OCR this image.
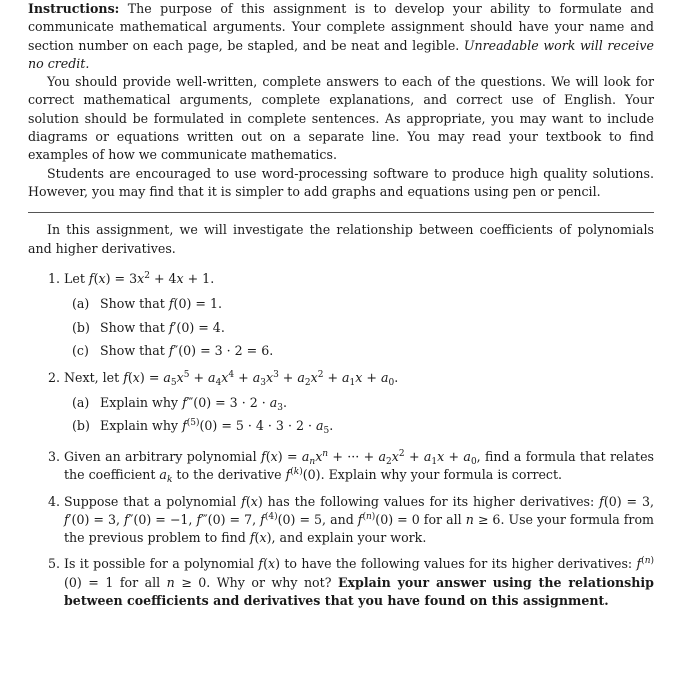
Instructions: The purpose of this assignment is to develop your ability to formulate and communicate mathematical arguments. Your complete assignment should have your name and section number on each page, be stapled, and be neat and legible. Unreadable work will receive no credit.

You should provide well-written, complete answers to each of the questions. We will look for correct mathematical arguments, complete explanations, and correct use of English. Your solution should be formulated in complete sentences. As appropriate, you may want to include diagrams or equations written out on a separate line. You may read your textbook to find examples of how we communicate mathematics.

Students are encouraged to use word-processing software to produce high quality solutions. However, you may find that it is simpler to add graphs and equations using pen or pencil.

In this assignment, we will investigate the relationship between coefficients of polynomials and higher derivatives.

1. Let $f(x) = 3x^2 + 4x + 1$.
(a) Show that f(0) = 1.
(b) Show that f′(0) = 4.
(c) Show that f″(0) = 3 · 2 = 6.
2. Next, let $f(x) = a_5x^5 + a_4x^4 + a_3x^3 + a_2x^2 + a_1x + a_0$.
(a) Explain why f‴(0) = $3 \cdot 2 \cdot a_3$.
(b) Explain why $f^{(5)}(0) = 5 \cdot 4 \cdot 3 \cdot 2 \cdot a_5$.
3. Given an arbitrary polynomial $f(x) = a_nx^n$ + ··· + $a_2x^2 + a_1x + a_0$, find a formula that relates the coefficient $a_k$ to the derivative $f^{(k)}(0)$. Explain why your formula is correct.

4. Suppose that a polynomial f(x) has the following values for its higher derivatives: f(0) = 3, f′(0) = 3, f″(0) = −1, f‴(0) = 7, $f^{(4)}(0) = 5$, and $f^{(n)}(0) = 0$ for all n ≥ 6. Use your formula from the previous problem to find f(x), and explain your work.

5. Is it possible for a polynomial f(x) to have the following values for its higher derivatives: $f^{(n)}(0) = 1$ for all n ≥ 0. Why or why not? Explain your answer using the relationship between coefficients and derivatives that you have found on this assignment.
